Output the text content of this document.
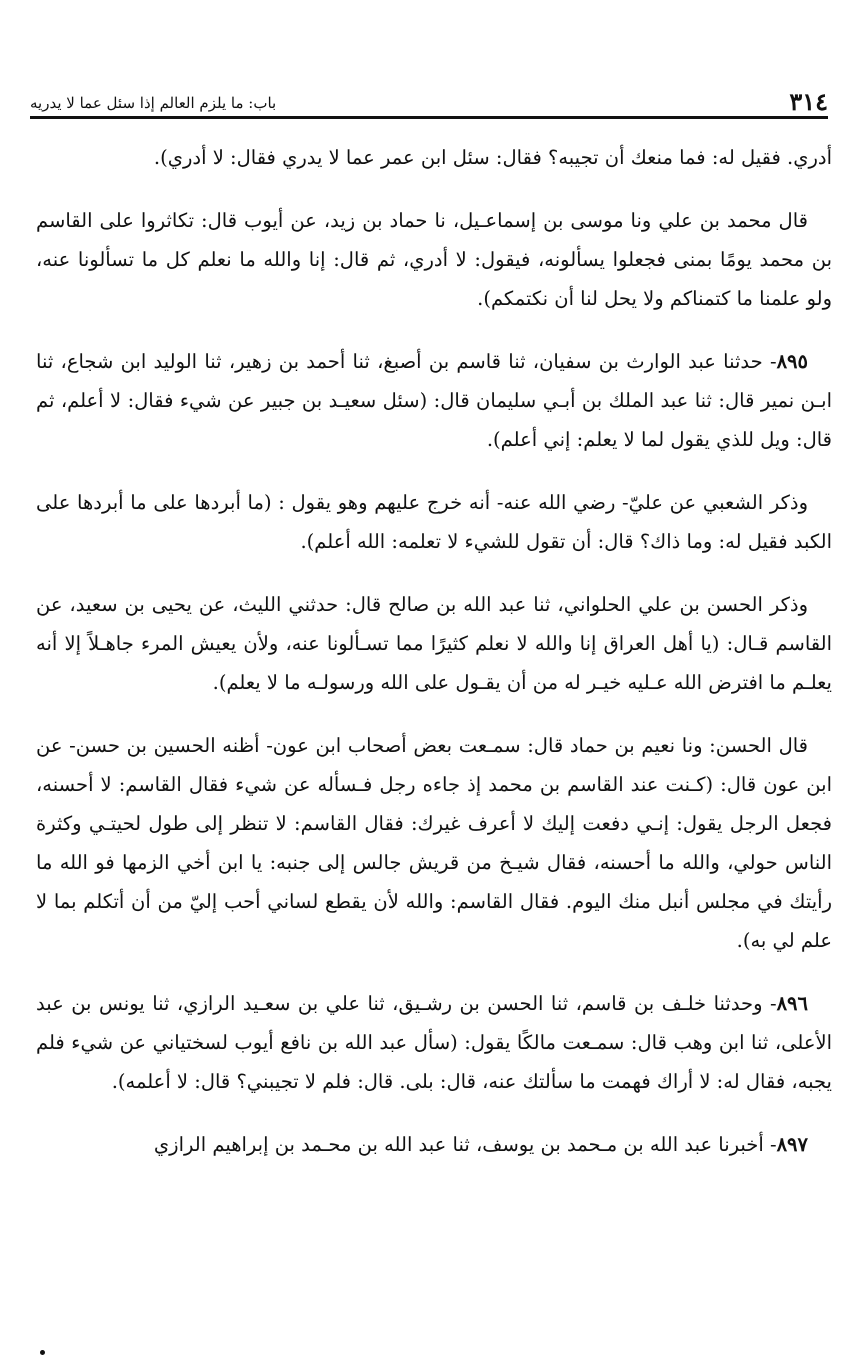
٣١٤
باب: ما يلزم العالم إذا سئل عما لا يدريه

أدري. فقيل له: فما منعك أن تجيبه؟ فقال: سئل ابن عمر عما لا يدري فقال: لا أدري).

قال محمد بن علي ونا موسى بن إسماعـيل، نا حماد بن زيد، عن أيوب قال: تكاثروا على القاسم بن محمد يومًا بمنى فجعلوا يسألونه، فيقول: لا أدري، ثم قال: إنا والله ما نعلم كل ما تسألونا عنه، ولو علمنا ما كتمناكم ولا يحل لنا أن نكتمكم).

٨٩٥- حدثنا عبد الوارث بن سفيان، ثنا قاسم بن أصبغ، ثنا أحمد بن زهير، ثنا الوليد ابن شجاع، ثنا ابـن نمير قال: ثنا عبد الملك بن أبـي سليمان قال: (سئل سعيـد بن جبير عن شيء فقال: لا أعلم، ثم قال: ويل للذي يقول لما لا يعلم: إني أعلم).

وذكر الشعبي عن عليّ- رضي الله عنه- أنه خرج عليهم وهو يقول : (ما أبردها على ما أبردها على الكبد فقيل له: وما ذاك؟ قال: أن تقول للشيء لا تعلمه: الله أعلم).

وذكر الحسن بن علي الحلواني، ثنا عبد الله بن صالح قال: حدثني الليث، عن يحيى بن سعيد، عن القاسم قـال: (يا أهل العراق إنا والله لا نعلم كثيرًا مما تسـألونا عنه، ولأن يعيش المرء جاهـلاً إلا أنه يعلـم ما افترض الله عـليه خيـر له من أن يقـول على الله ورسولـه ما لا يعلم).

قال الحسن: ونا نعيم بن حماد قال: سمـعت بعض أصحاب ابن عون- أظنه الحسين بن حسن- عن ابن عون قال: (كـنت عند القاسم بن محمد إذ جاءه رجل فـسأله عن شيء فقال القاسم: لا أحسنه، فجعل الرجل يقول: إنـي دفعت إليك لا أعرف غيرك: فقال القاسم: لا تنظر إلى طول لحيتـي وكثرة الناس حولي، والله ما أحسنه، فقال شيـخ من قريش جالس إلى جنبه: يا ابن أخي الزمها فو الله ما رأيتك في مجلس أنبل منك اليوم. فقال القاسم: والله لأن يقطع لساني أحب إليّ من أن أتكلم بما لا علم لي به).

٨٩٦- وحدثنا خلـف بن قاسم، ثنا الحسن بن رشـيق، ثنا علي بن سعـيد الرازي، ثنا يونس بن عبد الأعلى، ثنا ابن وهب قال: سمـعت مالكًا يقول: (سأل عبد الله بن نافع أيوب لسختياني عن شيء فلم يجبه، فقال له: لا أراك فهمت ما سألتك عنه، قال: بلى. قال: فلم لا تجيبني؟ قال: لا أعلمه).

٨٩٧- أخبرنا عبد الله بن مـحمد بن يوسف، ثنا عبد الله بن محـمد بن إبراهيم الرازي
